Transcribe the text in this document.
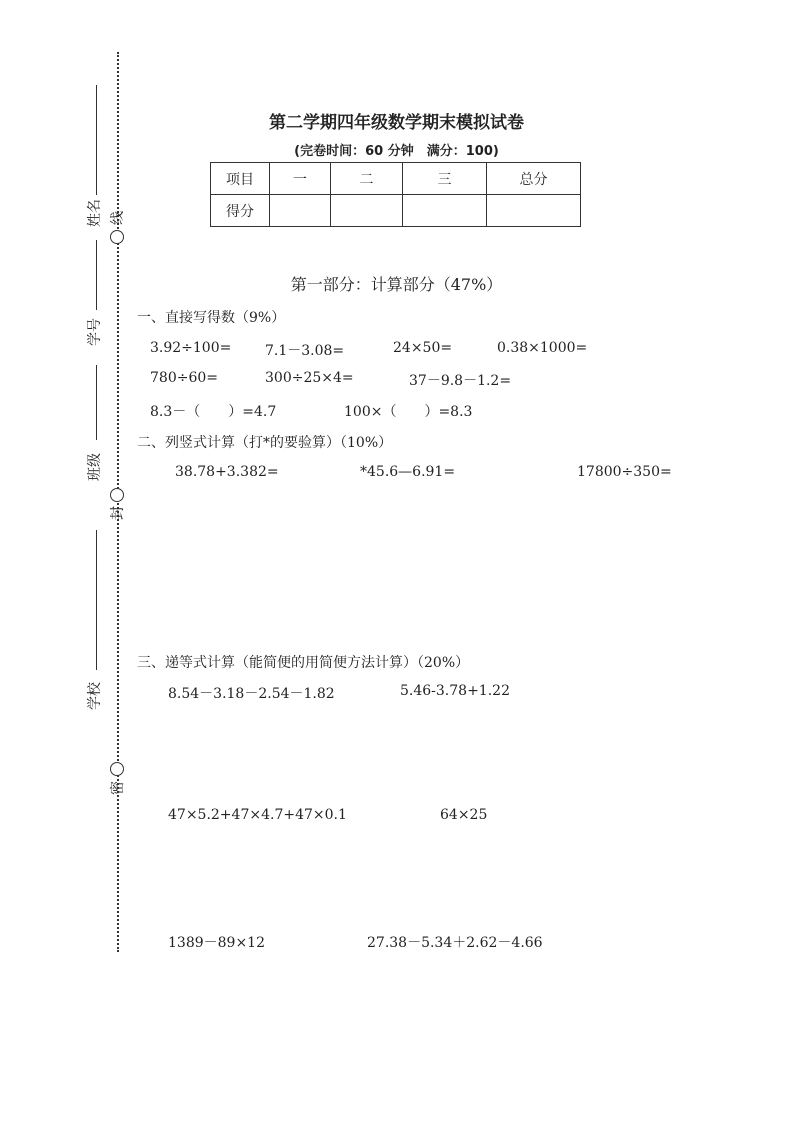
姓名 线
学号
班级
封
学校
密
第二学期四年级数学期末模拟试卷
(完卷时间：60 分钟　满分：100)
项目	一	二	三	总分
得分				
第一部分：计算部分（47%）
一、直接写得数（9%）
3.92÷100= 7.1－3.08=	24×50=	0.38×1000=
780÷60=	300÷25×4=	37－9.8－1.2=
8.3－（　　）=4.7	100×（　　）=8.3
二、列竖式计算（打*的要验算）（10%）
38.78+3.382=	*45.6—6.91=	17800÷350=
三、递等式计算（能简便的用简便方法计算）（20%）
8.54－3.18－2.54－1.82	5.46-3.78+1.22
47×5.2+47×4.7+47×0.1	64×25
1389－89×12	27.38－5.34＋2.62－4.66
